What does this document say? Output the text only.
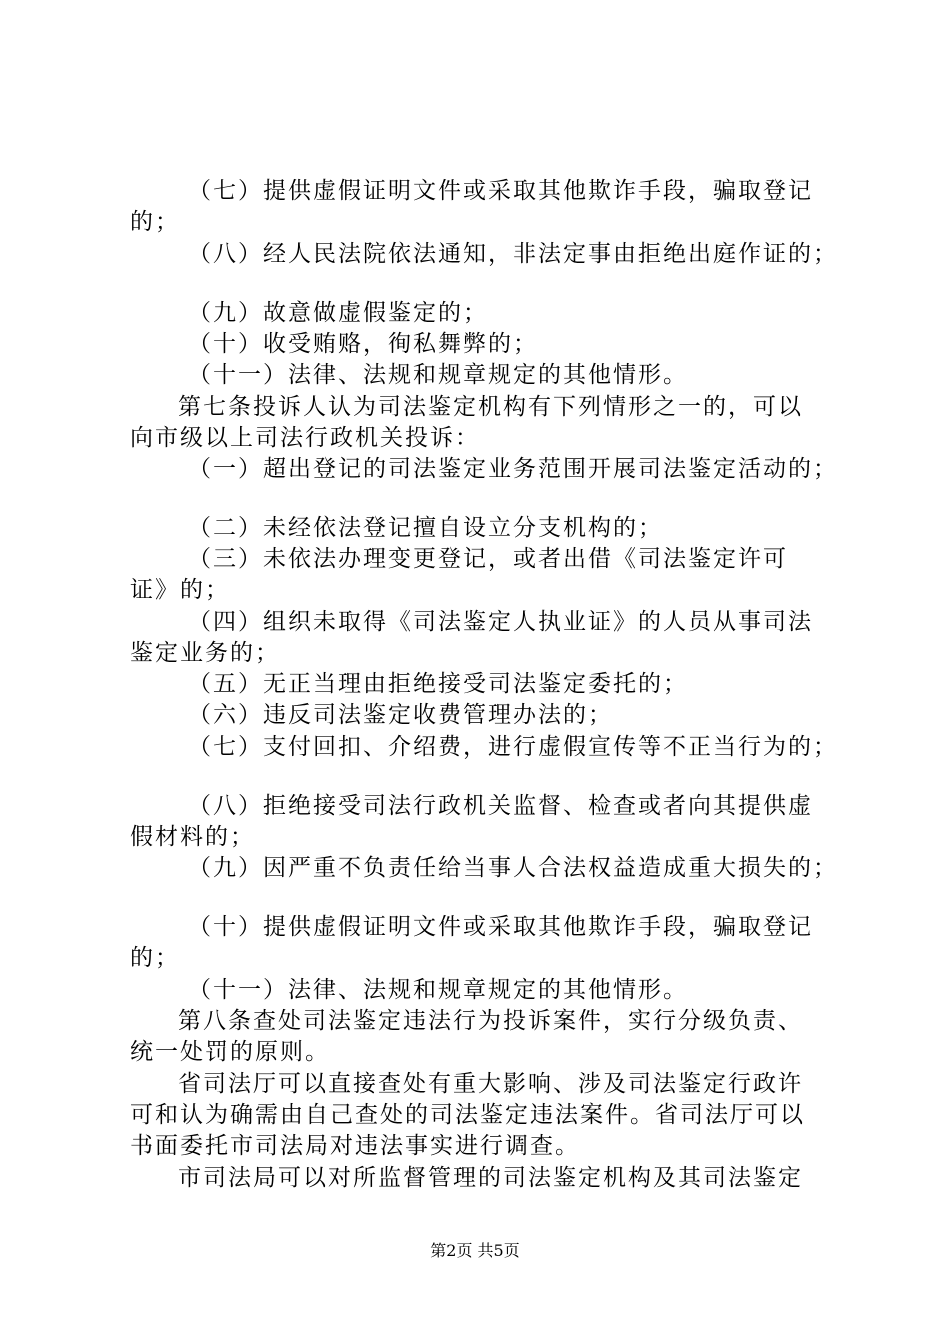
（七）提供虚假证明文件或采取其他欺诈手段，骗取登记
的；
（八）经人民法院依法通知，非法定事由拒绝出庭作证的；
（九）故意做虚假鉴定的；
（十）收受贿赂，徇私舞弊的；
（十一）法律、法规和规章规定的其他情形。
第七条投诉人认为司法鉴定机构有下列情形之一的，可以
向市级以上司法行政机关投诉：
（一）超出登记的司法鉴定业务范围开展司法鉴定活动的；
（二）未经依法登记擅自设立分支机构的；
（三）未依法办理变更登记，或者出借《司法鉴定许可
证》的；
（四）组织未取得《司法鉴定人执业证》的人员从事司法
鉴定业务的；
（五）无正当理由拒绝接受司法鉴定委托的；
（六）违反司法鉴定收费管理办法的；
（七）支付回扣、介绍费，进行虚假宣传等不正当行为的；
（八）拒绝接受司法行政机关监督、检查或者向其提供虚
假材料的；
（九）因严重不负责任给当事人合法权益造成重大损失的；
（十）提供虚假证明文件或采取其他欺诈手段，骗取登记
的；
（十一）法律、法规和规章规定的其他情形。
第八条查处司法鉴定违法行为投诉案件，实行分级负责、
统一处罚的原则。
省司法厅可以直接查处有重大影响、涉及司法鉴定行政许
可和认为确需由自己查处的司法鉴定违法案件。省司法厅可以
书面委托市司法局对违法事实进行调查。
市司法局可以对所监督管理的司法鉴定机构及其司法鉴定
第2页 共5页
